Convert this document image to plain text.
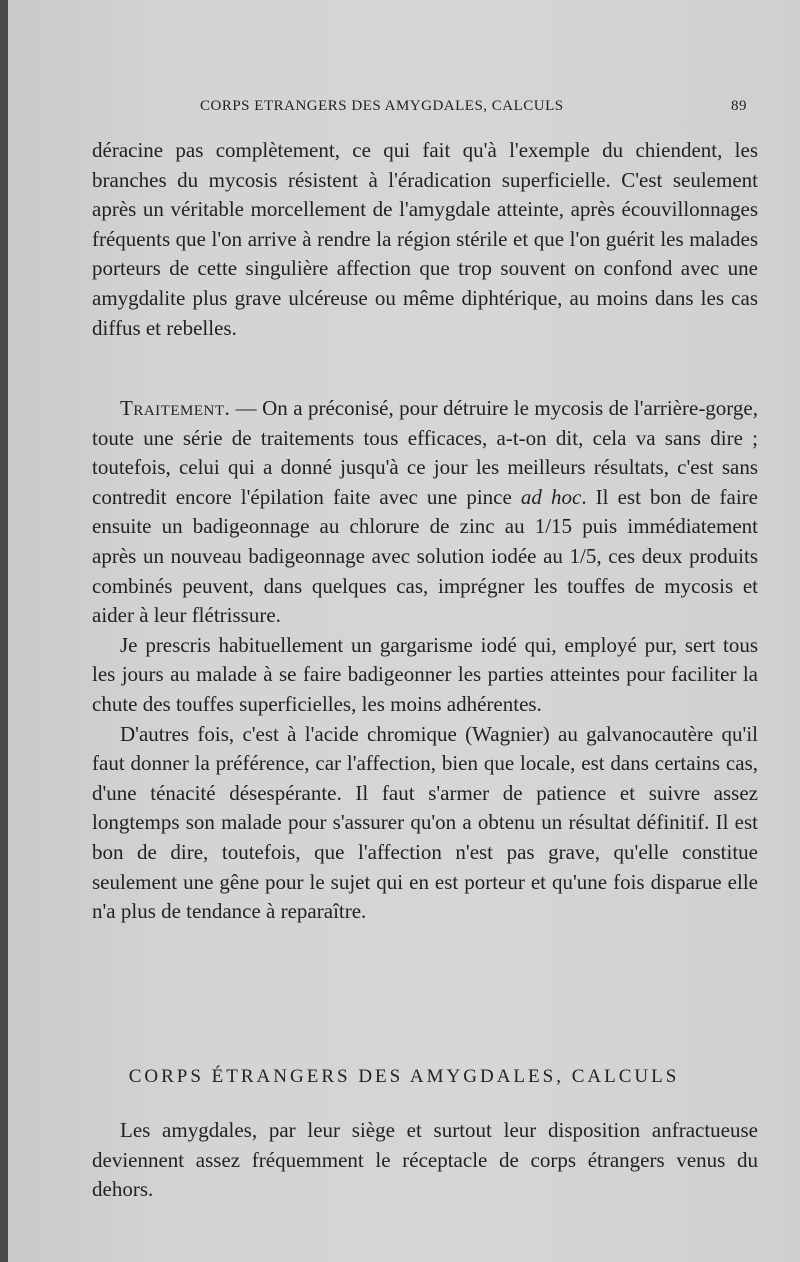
CORPS ETRANGERS DES AMYGDALES, CALCULS	89

déracine pas complètement, ce qui fait qu'à l'exemple du chiendent, les branches du mycosis résistent à l'éradication superficielle. C'est seulement après un véritable morcellement de l'amygdale atteinte, après écouvillonnages fréquents que l'on arrive à rendre la région stérile et que l'on guérit les malades porteurs de cette singulière affection que trop souvent on confond avec une amygdalite plus grave ulcéreuse ou même diphtérique, au moins dans les cas diffus et rebelles.

Traitement. — On a préconisé, pour détruire le mycosis de l'arrière-gorge, toute une série de traitements tous efficaces, a-t-on dit, cela va sans dire ; toutefois, celui qui a donné jusqu'à ce jour les meilleurs résultats, c'est sans contredit encore l'épilation faite avec une pince ad hoc. Il est bon de faire ensuite un badigeonnage au chlorure de zinc au 1/15 puis immédiatement après un nouveau badigeonnage avec solution iodée au 1/5, ces deux produits combinés peuvent, dans quelques cas, imprégner les touffes de mycosis et aider à leur flétrissure.

Je prescris habituellement un gargarisme iodé qui, employé pur, sert tous les jours au malade à se faire badigeonner les parties atteintes pour faciliter la chute des touffes superficielles, les moins adhérentes.

D'autres fois, c'est à l'acide chromique (Wagnier) au galvanocautère qu'il faut donner la préférence, car l'affection, bien que locale, est dans certains cas, d'une ténacité désespérante. Il faut s'armer de patience et suivre assez longtemps son malade pour s'assurer qu'on a obtenu un résultat définitif. Il est bon de dire, toutefois, que l'affection n'est pas grave, qu'elle constitue seulement une gêne pour le sujet qui en est porteur et qu'une fois disparue elle n'a plus de tendance à reparaître.

CORPS ÉTRANGERS DES AMYGDALES, CALCULS

Les amygdales, par leur siège et surtout leur disposition anfractueuse deviennent assez fréquemment le réceptacle de corps étrangers venus du dehors.
